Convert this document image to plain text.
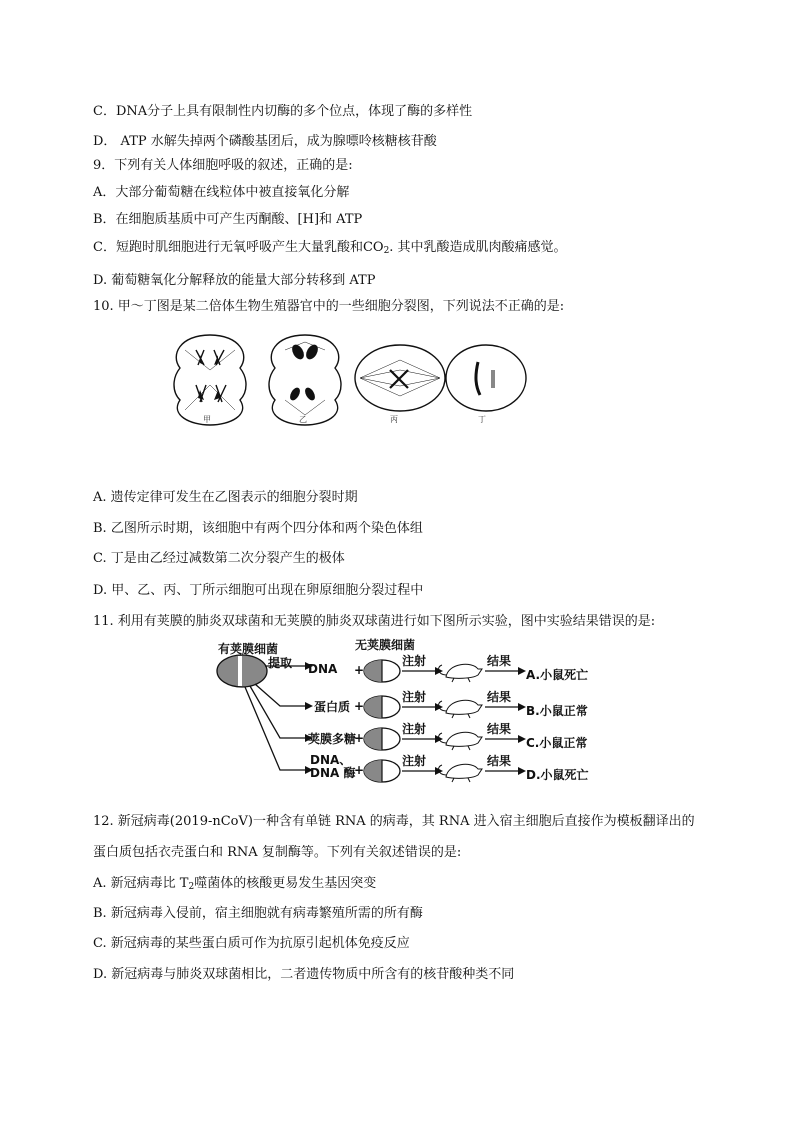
C．DNA分子上具有限制性内切酶的多个位点，体现了酶的多样性
D． ATP 水解失掉两个磷酸基团后，成为腺嘌呤核糖核苷酸
9．下列有关人体细胞呼吸的叙述，正确的是:
A．大部分葡萄糖在线粒体中被直接氧化分解
B．在细胞质基质中可产生丙酮酸、[H]和 ATP
C．短跑时肌细胞进行无氧呼吸产生大量乳酸和$CO_2$. 其中乳酸造成肌肉酸痛感觉。
D. 葡萄糖氧化分解释放的能量大部分转移到 ATP
10. 甲～丁图是某二倍体生物生殖器官中的一些细胞分裂图，下列说法不正确的是:
甲	乙	丙	丁
A. 遗传定律可发生在乙图表示的细胞分裂时期
B. 乙图所示时期，该细胞中有两个四分体和两个染色体组
C. 丁是由乙经过减数第二次分裂产生的极体
D. 甲、乙、丙、丁所示细胞可出现在卵原细胞分裂过程中
11. 利用有荚膜的肺炎双球菌和无荚膜的肺炎双球菌进行如下图所示实验，图中实验结果错误的是:
有荚膜细菌	无荚膜细菌
提取 DNA
蛋白质
荚膜多糖
DNA、
DNA 酶
+
+
+
+
注射
注射
注射
注射
结果
结果
结果
结果
A.小鼠死亡
B.小鼠正常
C.小鼠正常
D.小鼠死亡
12. 新冠病毒(2019-nCoV)一种含有单链 RNA 的病毒，其 RNA 进入宿主细胞后直接作为模板翻译出的
蛋白质包括衣壳蛋白和 RNA 复制酶等。下列有关叙述错误的是:
A. 新冠病毒比 $T_2$噬菌体的核酸更易发生基因突变
B. 新冠病毒入侵前，宿主细胞就有病毒繁殖所需的所有酶
C. 新冠病毒的某些蛋白质可作为抗原引起机体免疫反应
D. 新冠病毒与肺炎双球菌相比，二者遗传物质中所含有的核苷酸种类不同
